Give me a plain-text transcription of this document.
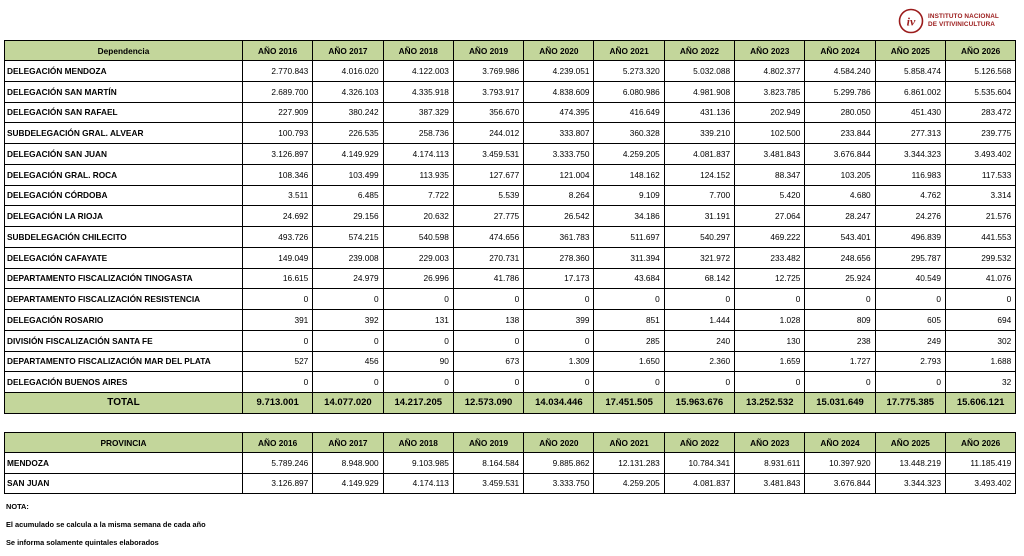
iv INSTITUTO NACIONAL
DE VITIVINICULTURA
Dependencia	AÑO 2016	AÑO 2017	AÑO 2018	AÑO 2019	AÑO 2020	AÑO 2021	AÑO 2022	AÑO 2023	AÑO 2024	AÑO 2025	AÑO 2026
DELEGACIÓN MENDOZA	2.770.843	4.016.020	4.122.003	3.769.986	4.239.051	5.273.320	5.032.088	4.802.377	4.584.240	5.858.474	5.126.568
DELEGACIÓN SAN MARTÍN	2.689.700	4.326.103	4.335.918	3.793.917	4.838.609	6.080.986	4.981.908	3.823.785	5.299.786	6.861.002	5.535.604
DELEGACIÓN SAN RAFAEL	227.909	380.242	387.329	356.670	474.395	416.649	431.136	202.949	280.050	451.430	283.472
SUBDELEGACIÓN GRAL. ALVEAR	100.793	226.535	258.736	244.012	333.807	360.328	339.210	102.500	233.844	277.313	239.775
DELEGACIÓN SAN JUAN	3.126.897	4.149.929	4.174.113	3.459.531	3.333.750	4.259.205	4.081.837	3.481.843	3.676.844	3.344.323	3.493.402
DELEGACIÓN GRAL. ROCA	108.346	103.499	113.935	127.677	121.004	148.162	124.152	88.347	103.205	116.983	117.533
DELEGACIÓN CÓRDOBA	3.511	6.485	7.722	5.539	8.264	9.109	7.700	5.420	4.680	4.762	3.314
DELEGACIÓN LA RIOJA	24.692	29.156	20.632	27.775	26.542	34.186	31.191	27.064	28.247	24.276	21.576
SUBDELEGACIÓN CHILECITO	493.726	574.215	540.598	474.656	361.783	511.697	540.297	469.222	543.401	496.839	441.553
DELEGACIÓN CAFAYATE	149.049	239.008	229.003	270.731	278.360	311.394	321.972	233.482	248.656	295.787	299.532
DEPARTAMENTO FISCALIZACIÓN TINOGASTA	16.615	24.979	26.996	41.786	17.173	43.684	68.142	12.725	25.924	40.549	41.076
DEPARTAMENTO FISCALIZACIÓN RESISTENCIA	0	0	0	0	0	0	0	0	0	0	0
DELEGACIÓN ROSARIO	391	392	131	138	399	851	1.444	1.028	809	605	694
DIVISIÓN FISCALIZACIÓN SANTA FE	0	0	0	0	0	285	240	130	238	249	302
DEPARTAMENTO FISCALIZACIÓN MAR DEL PLATA	527	456	90	673	1.309	1.650	2.360	1.659	1.727	2.793	1.688
DELEGACIÓN BUENOS AIRES	0	0	0	0	0	0	0	0	0	0	32
TOTAL	9.713.001	14.077.020	14.217.205	12.573.090	14.034.446	17.451.505	15.963.676	13.252.532	15.031.649	17.775.385	15.606.121
PROVINCIA	AÑO 2016	AÑO 2017	AÑO 2018	AÑO 2019	AÑO 2020	AÑO 2021	AÑO 2022	AÑO 2023	AÑO 2024	AÑO 2025	AÑO 2026
MENDOZA	5.789.246	8.948.900	9.103.985	8.164.584	9.885.862	12.131.283	10.784.341	8.931.611	10.397.920	13.448.219	11.185.419
SAN JUAN	3.126.897	4.149.929	4.174.113	3.459.531	3.333.750	4.259.205	4.081.837	3.481.843	3.676.844	3.344.323	3.493.402
NOTA:
El acumulado se calcula a la misma semana de cada año
Se informa solamente quintales elaborados
